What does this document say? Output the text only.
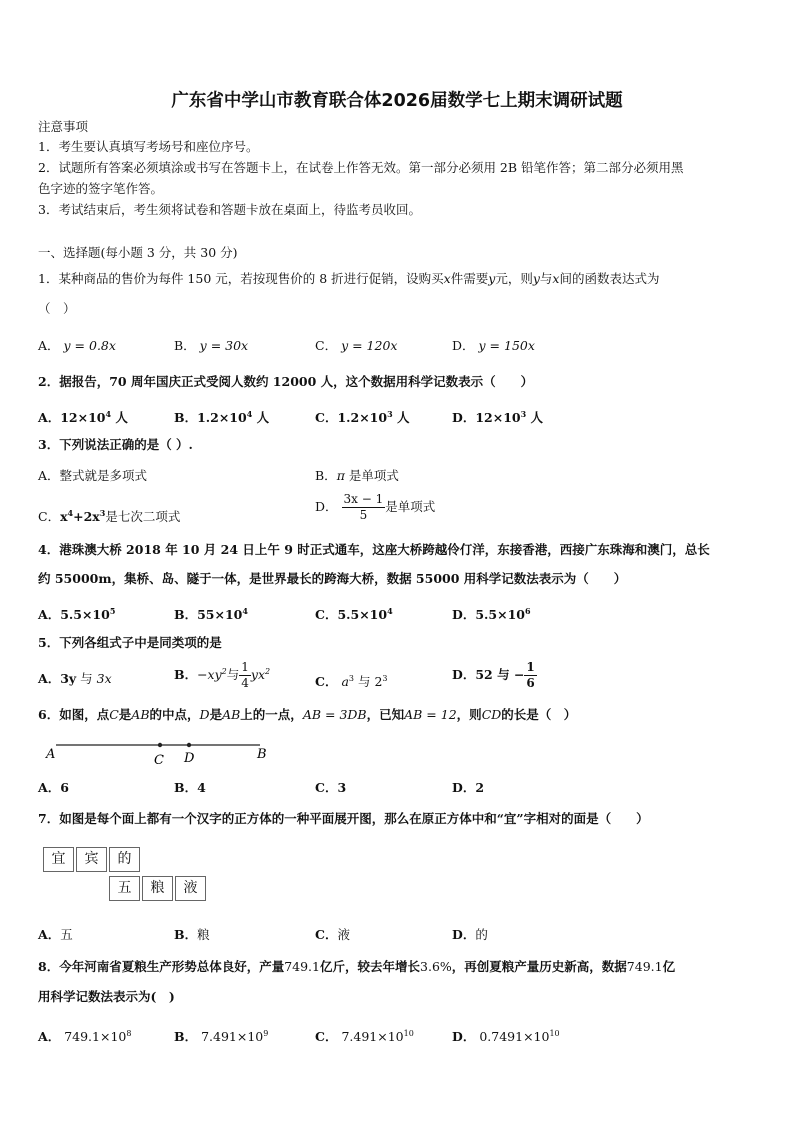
广东省中学山市教育联合体2026届数学七上期末调研试题
注意事项
1．考生要认真填写考场号和座位序号。
2．试题所有答案必须填涂或书写在答题卡上，在试卷上作答无效。第一部分必须用 2B 铅笔作答；第二部分必须用黑
色字迹的签字笔作答。
3．考试结束后，考生须将试卷和答题卡放在桌面上，待监考员收回。
一、选择题(每小题 3 分，共 30 分)
1．某种商品的售价为每件 150 元，若按现售价的 8 折进行促销，设购买x件需要y元，则y与x间的函数表达式为
（　）
A． y = 0.8x	B． y = 30x	C． y = 120x	D． y = 150x
2．据报告，70 周年国庆正式受阅人数约 12000 人，这个数据用科学记数表示（　　）
A．$12\times 10^4$ 人	B．$1.2\times 10^4$ 人	C．$1.2\times 10^3$ 人	D．$12\times 10^3$ 人
3．下列说法正确的是（ ）.
A．整式就是多项式	B．π 是单项式
C．$x^4+2x^3$是七次二项式
D． $\frac{3x - 1}{5}$ 是单项式
4．港珠澳大桥 2018 年 10 月 24 日上午 9 时正式通车，这座大桥跨越伶仃洋，东接香港，西接广东珠海和澳门，总长
约 55000m，集桥、岛、隧于一体，是世界最长的跨海大桥，数据 55000 用科学记数法表示为（　　）
A．$5.5\times 10^5$	B．$55\times 10^4$	C．$5.5\times 10^4$	D．$5.5\times 10^6$
5．下列各组式子中是同类项的是
A．3y 与 3x	B．$-xy^2$与 $\frac{1}{4} yx^2$
C． $a^3$ 与 $2^3$	D．52 与 − $\frac{1}{6}$
6．如图，点C是AB的中点，D是AB上的一点，AB = 3DB，已知AB = 12，则CD的长是（　）
A	C D	B
A．6	B．4	C．3	D．2
7．如图是每个面上都有一个汉字的正方体的一种平面展开图，那么在原正方体中和“宜”字相对的面是（　　）
宜	宾	的
五	粮	液
A．五	B．粮	C．液	D．的
8．今年河南省夏粮生产形势总体良好，产量749.1亿斤，较去年增长3.6%，再创夏粮产量历史新高，数据749.1亿
用科学记数法表示为(　)
A． $749.1\times 10^8$	B． $7.491\times 10^9$	C． $7.491\times 10^{10}$	D． $0.7491\times 10^{10}$
